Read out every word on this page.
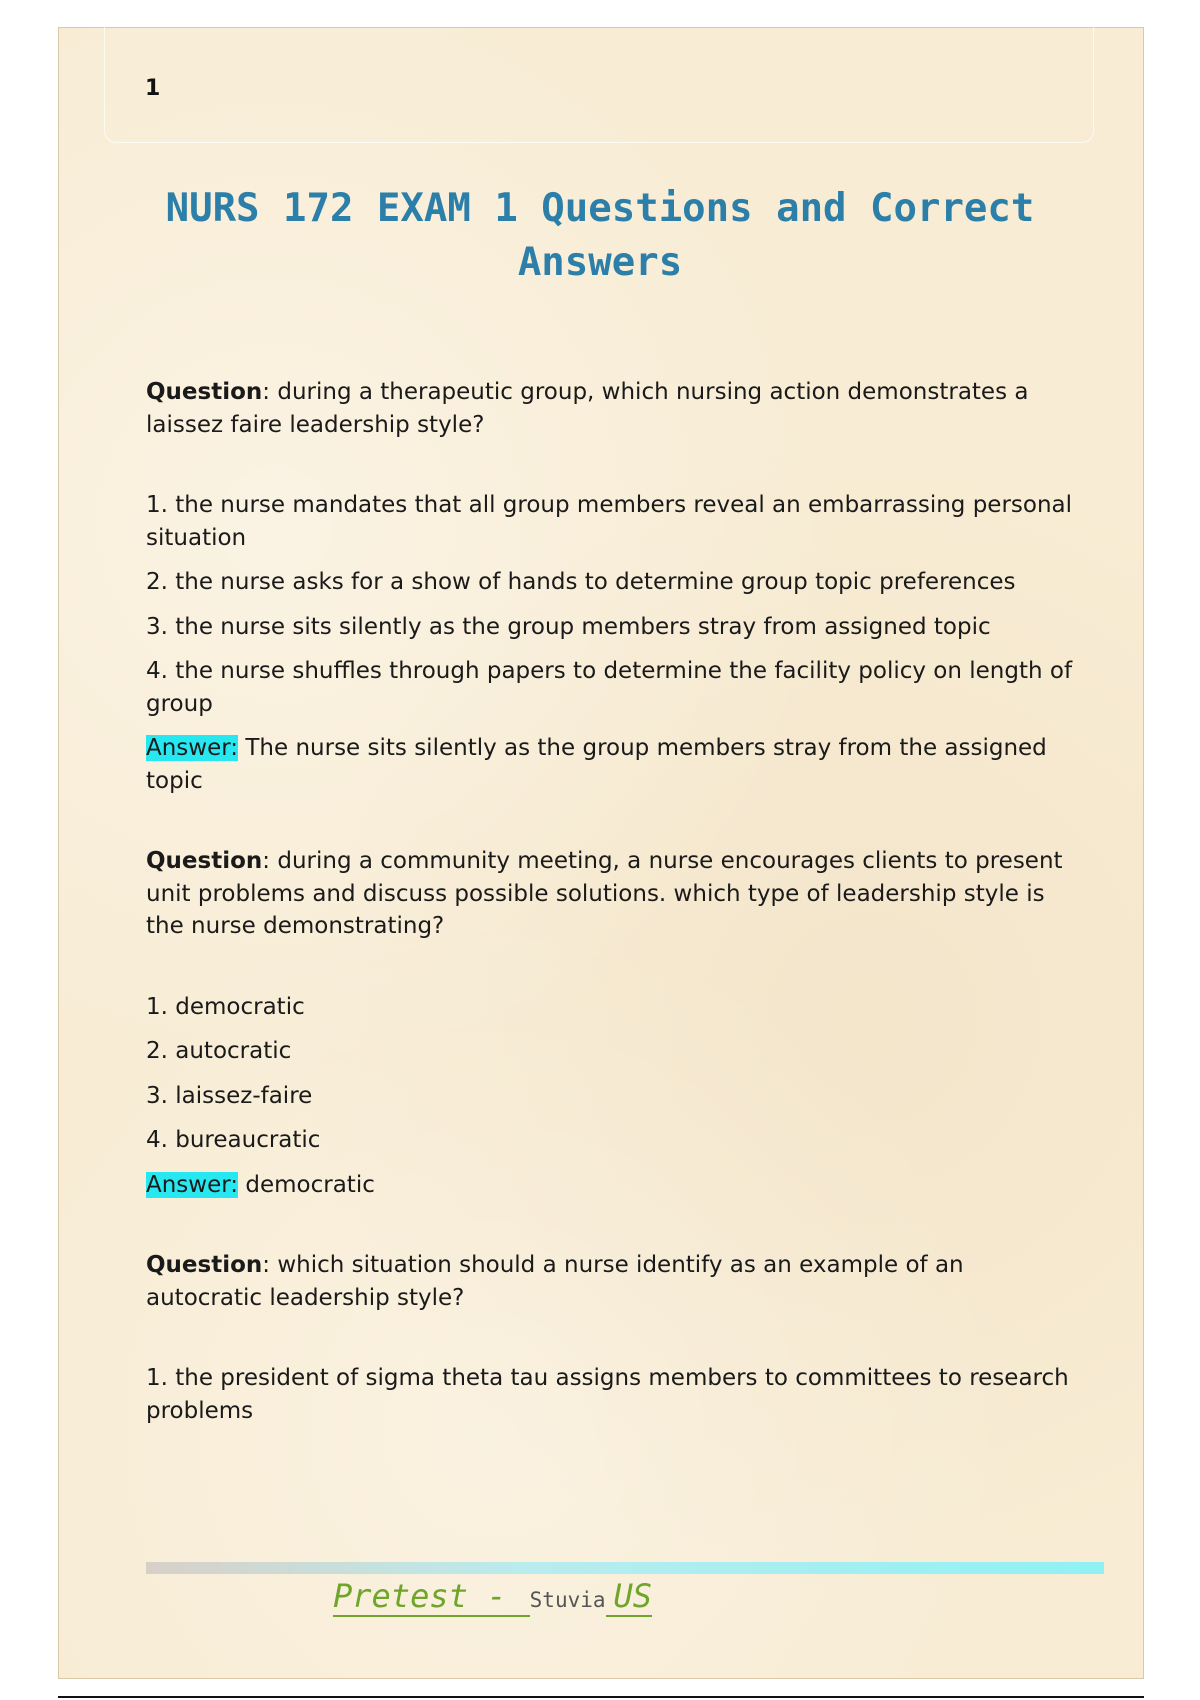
1
NURS 172 EXAM 1 Questions and Correct
Answers

Question: during a therapeutic group, which nursing action demonstrates a laissez faire leadership style?

1. the nurse mandates that all group members reveal an embarrassing personal situation

2. the nurse asks for a show of hands to determine group topic preferences

3. the nurse sits silently as the group members stray from assigned topic

4. the nurse shuffles through papers to determine the facility policy on length of group

Answer: The nurse sits silently as the group members stray from the assigned topic

Question: during a community meeting, a nurse encourages clients to present unit problems and discuss possible solutions. which type of leadership style is the nurse demonstrating?

1. democratic

2. autocratic

3. laissez-faire

4. bureaucratic

Answer: democratic

Question: which situation should a nurse identify as an example of an autocratic leadership style?

1. the president of sigma theta tau assigns members to committees to research problems

Pretest - Stuvia US
